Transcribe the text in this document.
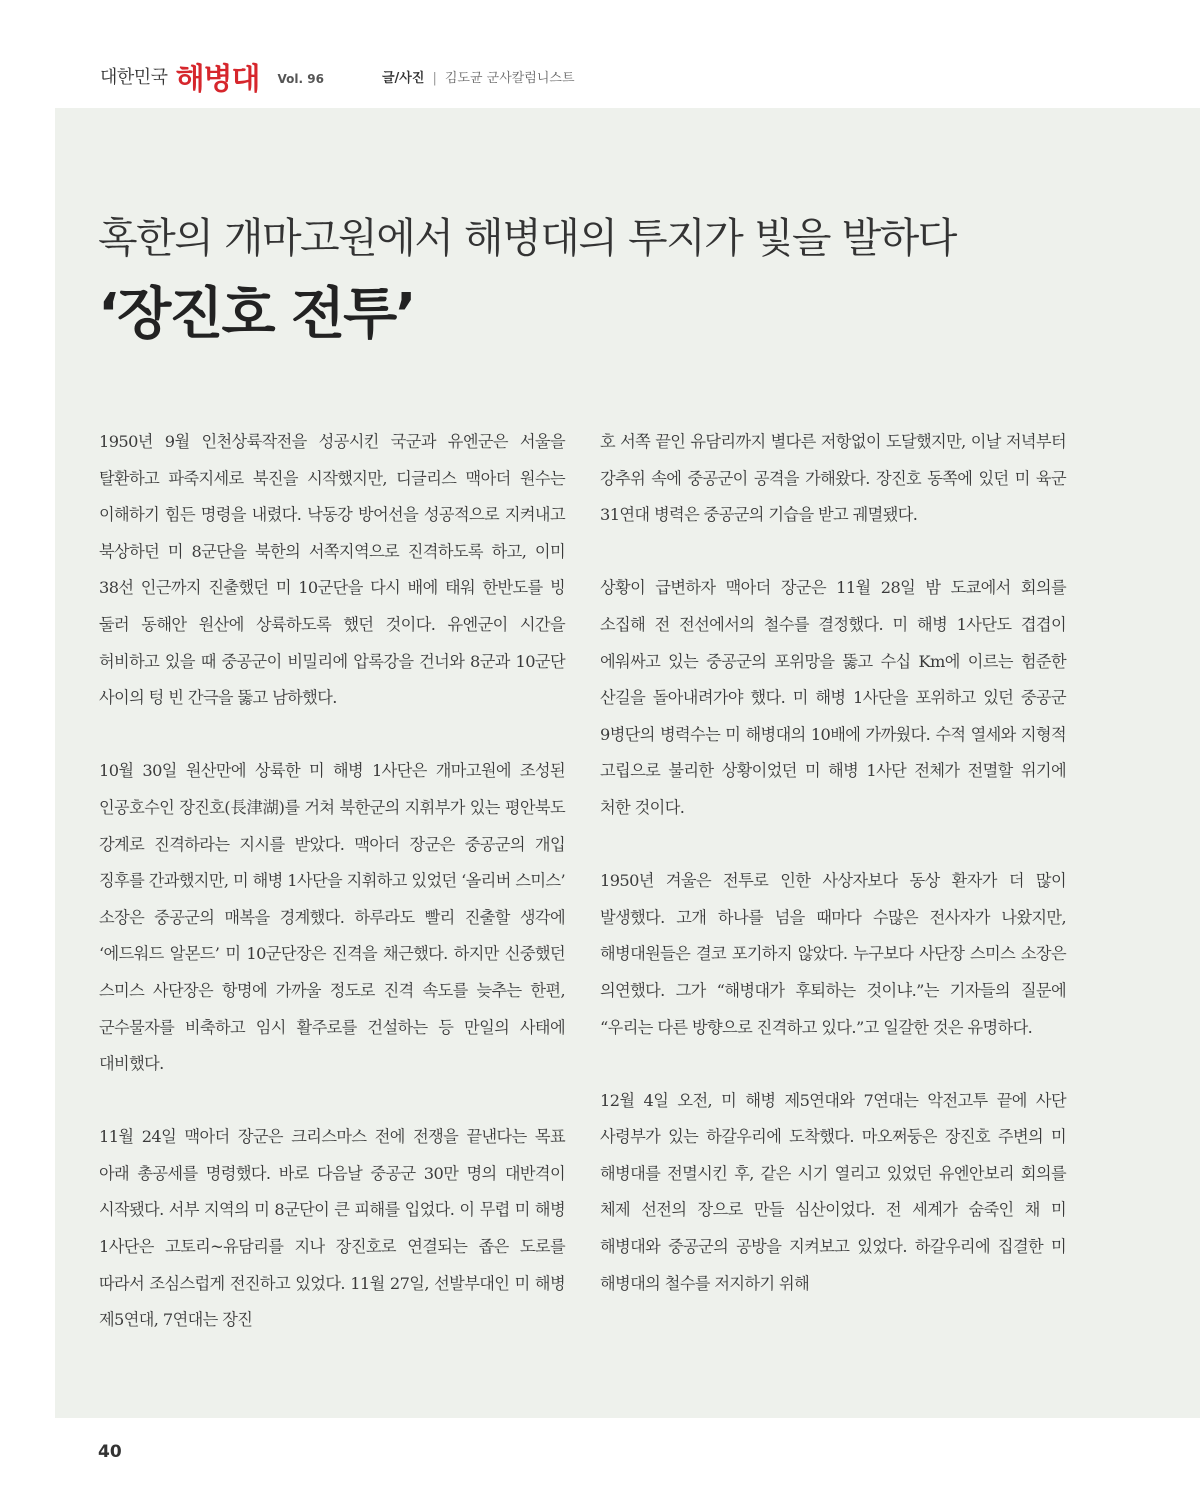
대한민국 해병대 Vol. 96	글/사진 | 김도균 군사칼럼니스트
혹한의 개마고원에서 해병대의 투지가 빛을 발하다
‘장진호 전투’

1950년 9월 인천상륙작전을 성공시킨 국군과 유엔군은 서울을 탈환하고 파죽지세로 북진을 시작했지만, 디글리스 맥아더 원수는 이해하기 힘든 명령을 내렸다. 낙동강 방어선을 성공적으로 지켜내고 북상하던 미 8군단을 북한의 서쪽지역으로 진격하도록 하고, 이미 38선 인근까지 진출했던 미 10군단을 다시 배에 태워 한반도를 빙 둘러 동해안 원산에 상륙하도록 했던 것이다. 유엔군이 시간을 허비하고 있을 때 중공군이 비밀리에 압록강을 건너와 8군과 10군단 사이의 텅 빈 간극을 뚫고 남하했다.

10월 30일 원산만에 상륙한 미 해병 1사단은 개마고원에 조성된 인공호수인 장진호(長津湖)를 거쳐 북한군의 지휘부가 있는 평안북도 강계로 진격하라는 지시를 받았다. 맥아더 장군은 중공군의 개입 징후를 간과했지만, 미 해병 1사단을 지휘하고 있었던 ‘올리버 스미스’ 소장은 중공군의 매복을 경계했다. 하루라도 빨리 진출할 생각에 ‘에드워드 알몬드’ 미 10군단장은 진격을 채근했다. 하지만 신중했던 스미스 사단장은 항명에 가까울 정도로 진격 속도를 늦추는 한편, 군수물자를 비축하고 임시 활주로를 건설하는 등 만일의 사태에 대비했다.

11월 24일 맥아더 장군은 크리스마스 전에 전쟁을 끝낸다는 목표 아래 총공세를 명령했다. 바로 다음날 중공군 30만 명의 대반격이 시작됐다. 서부 지역의 미 8군단이 큰 피해를 입었다. 이 무렵 미 해병 1사단은 고토리~유담리를 지나 장진호로 연결되는 좁은 도로를 따라서 조심스럽게 전진하고 있었다. 11월 27일, 선발부대인 미 해병 제5연대, 7연대는 장진

호 서쪽 끝인 유담리까지 별다른 저항없이 도달했지만, 이날 저녁부터 강추위 속에 중공군이 공격을 가해왔다. 장진호 동쪽에 있던 미 육군 31연대 병력은 중공군의 기습을 받고 궤멸됐다.

상황이 급변하자 맥아더 장군은 11월 28일 밤 도쿄에서 회의를 소집해 전 전선에서의 철수를 결정했다. 미 해병 1사단도 겹겹이 에워싸고 있는 중공군의 포위망을 뚫고 수십 Km에 이르는 험준한 산길을 돌아내려가야 했다. 미 해병 1사단을 포위하고 있던 중공군 9병단의 병력수는 미 해병대의 10배에 가까웠다. 수적 열세와 지형적 고립으로 불리한 상황이었던 미 해병 1사단 전체가 전멸할 위기에 처한 것이다.

1950년 겨울은 전투로 인한 사상자보다 동상 환자가 더 많이 발생했다. 고개 하나를 넘을 때마다 수많은 전사자가 나왔지만, 해병대원들은 결코 포기하지 않았다. 누구보다 사단장 스미스 소장은 의연했다. 그가 “해병대가 후퇴하는 것이냐.”는 기자들의 질문에 “우리는 다른 방향으로 진격하고 있다.”고 일갈한 것은 유명하다.

12월 4일 오전, 미 해병 제5연대와 7연대는 악전고투 끝에 사단 사령부가 있는 하갈우리에 도착했다. 마오쩌둥은 장진호 주변의 미 해병대를 전멸시킨 후, 같은 시기 열리고 있었던 유엔안보리 회의를 체제 선전의 장으로 만들 심산이었다. 전 세계가 숨죽인 채 미 해병대와 중공군의 공방을 지켜보고 있었다. 하갈우리에 집결한 미 해병대의 철수를 저지하기 위해

40
